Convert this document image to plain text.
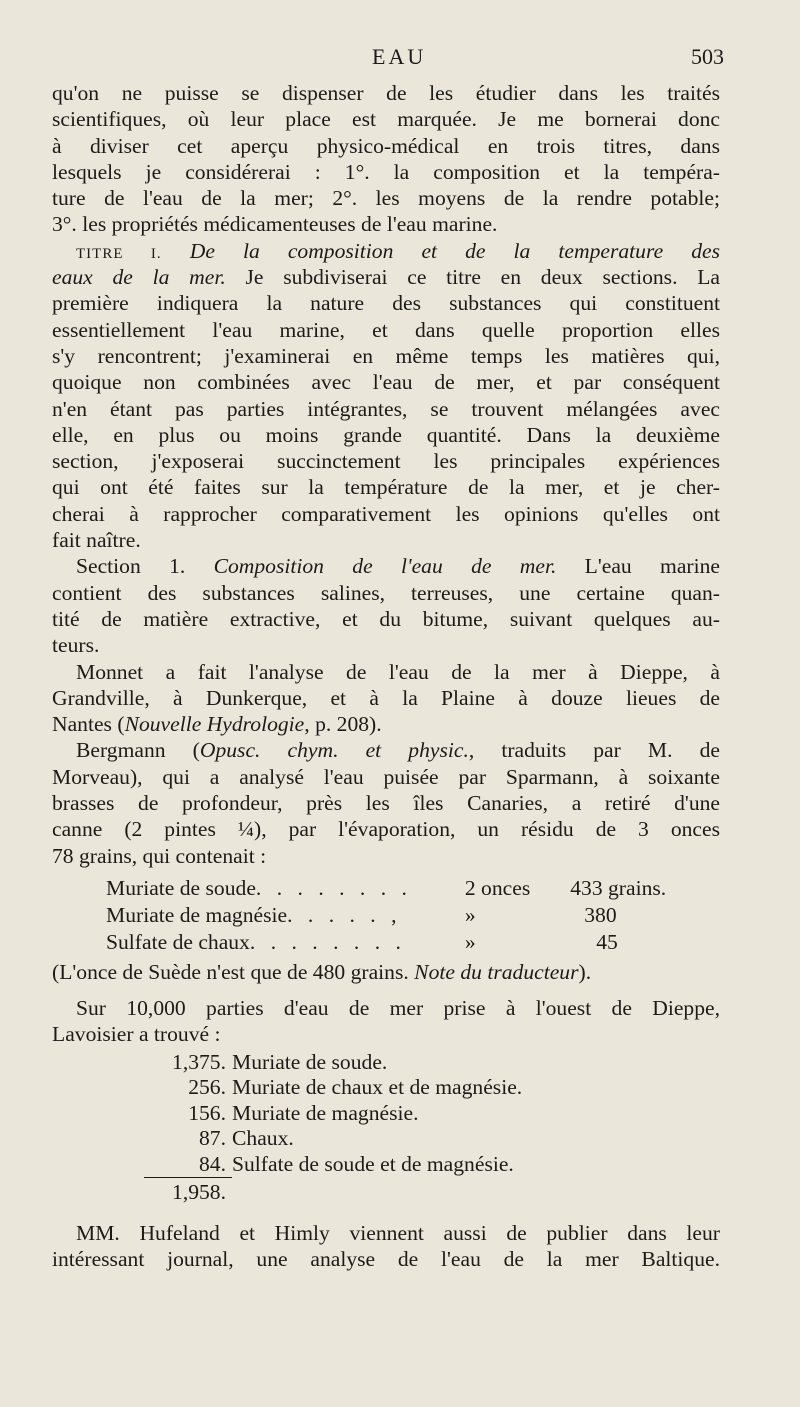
EAU	503
qu'on ne puisse se dispenser de les étudier dans les traités
scientifiques, où leur place est marquée. Je me bornerai donc
à diviser cet aperçu physico-médical en trois titres, dans
lesquels je considérerai : 1°. la composition et la tempéra-
ture de l'eau de la mer; 2°. les moyens de la rendre potable;
3°. les propriétés médicamenteuses de l'eau marine.
TITRE I. De la composition et de la temperature des
eaux de la mer. Je subdiviserai ce titre en deux sections. La
première indiquera la nature des substances qui constituent
essentiellement l'eau marine, et dans quelle proportion elles
s'y rencontrent; j'examinerai en même temps les matières qui,
quoique non combinées avec l'eau de mer, et par conséquent
n'en étant pas parties intégrantes, se trouvent mélangées avec
elle, en plus ou moins grande quantité. Dans la deuxième
section, j'exposerai succinctement les principales expériences
qui ont été faites sur la température de la mer, et je cher-
cherai à rapprocher comparativement les opinions qu'elles ont
fait naître.
Section 1. Composition de l'eau de mer. L'eau marine
contient des substances salines, terreuses, une certaine quan-
tité de matière extractive, et du bitume, suivant quelques au-
teurs.
Monnet a fait l'analyse de l'eau de la mer à Dieppe, à
Grandville, à Dunkerque, et à la Plaine à douze lieues de
Nantes (Nouvelle Hydrologie, p. 208).
Bergmann (Opusc. chym. et physic., traduits par M. de
Morveau), qui a analysé l'eau puisée par Sparmann, à soixante
brasses de profondeur, près les îles Canaries, a retiré d'une
canne (2 pintes ¼), par l'évaporation, un résidu de 3 onces
78 grains, qui contenait :
Muriate de soude. . . . . . . .	2 onces	433 grains.
Muriate de magnésie. . . . . ,	»	380
Sulfate de chaux. . . . . . . .	»	45
(L'once de Suède n'est que de 480 grains. Note du traducteur).
Sur 10,000 parties d'eau de mer prise à l'ouest de Dieppe,
Lavoisier a trouvé :
1,375.	Muriate de soude.
256.	Muriate de chaux et de magnésie.
156.	Muriate de magnésie.
87.	Chaux.
84.	Sulfate de soude et de magnésie.
1,958.	
MM. Hufeland et Himly viennent aussi de publier dans leur
intéressant journal, une analyse de l'eau de la mer Baltique.
